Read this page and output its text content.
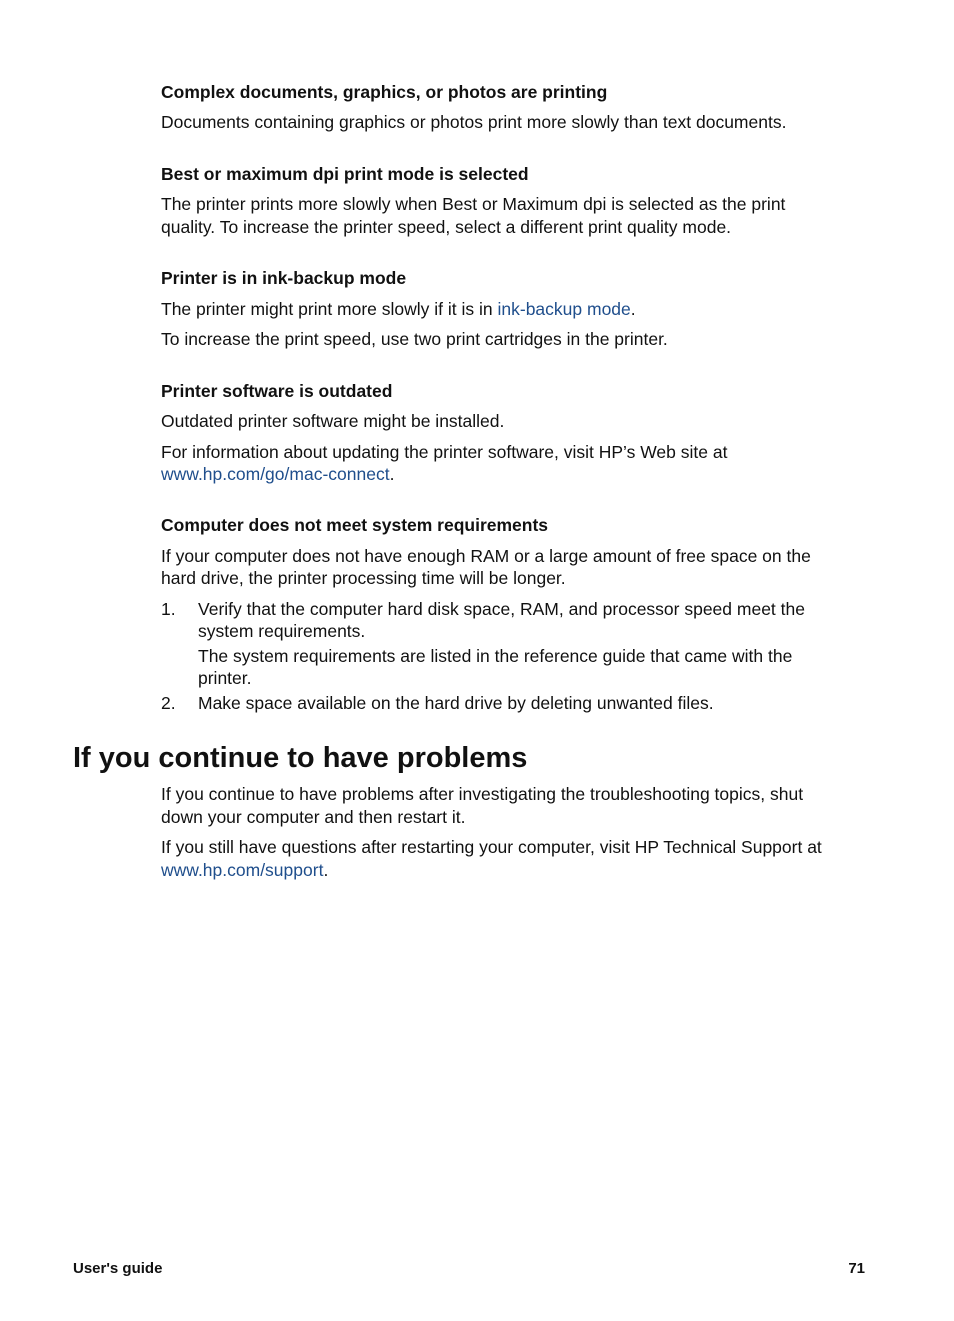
Complex documents, graphics, or photos are printing
Documents containing graphics or photos print more slowly than text documents.
Best or maximum dpi print mode is selected
The printer prints more slowly when Best or Maximum dpi is selected as the print
quality. To increase the printer speed, select a different print quality mode.
Printer is in ink-backup mode
The printer might print more slowly if it is in ink-backup mode.
To increase the print speed, use two print cartridges in the printer.
Printer software is outdated
Outdated printer software might be installed.
For information about updating the printer software, visit HP’s Web site at
www.hp.com/go/mac-connect.
Computer does not meet system requirements
If your computer does not have enough RAM or a large amount of free space on the
hard drive, the printer processing time will be longer.
1. Verify that the computer hard disk space, RAM, and processor speed meet the
system requirements.
The system requirements are listed in the reference guide that came with the
printer.
2. Make space available on the hard drive by deleting unwanted files.
If you continue to have problems
If you continue to have problems after investigating the troubleshooting topics, shut
down your computer and then restart it.
If you still have questions after restarting your computer, visit HP Technical Support at
www.hp.com/support.
User's guide	71
